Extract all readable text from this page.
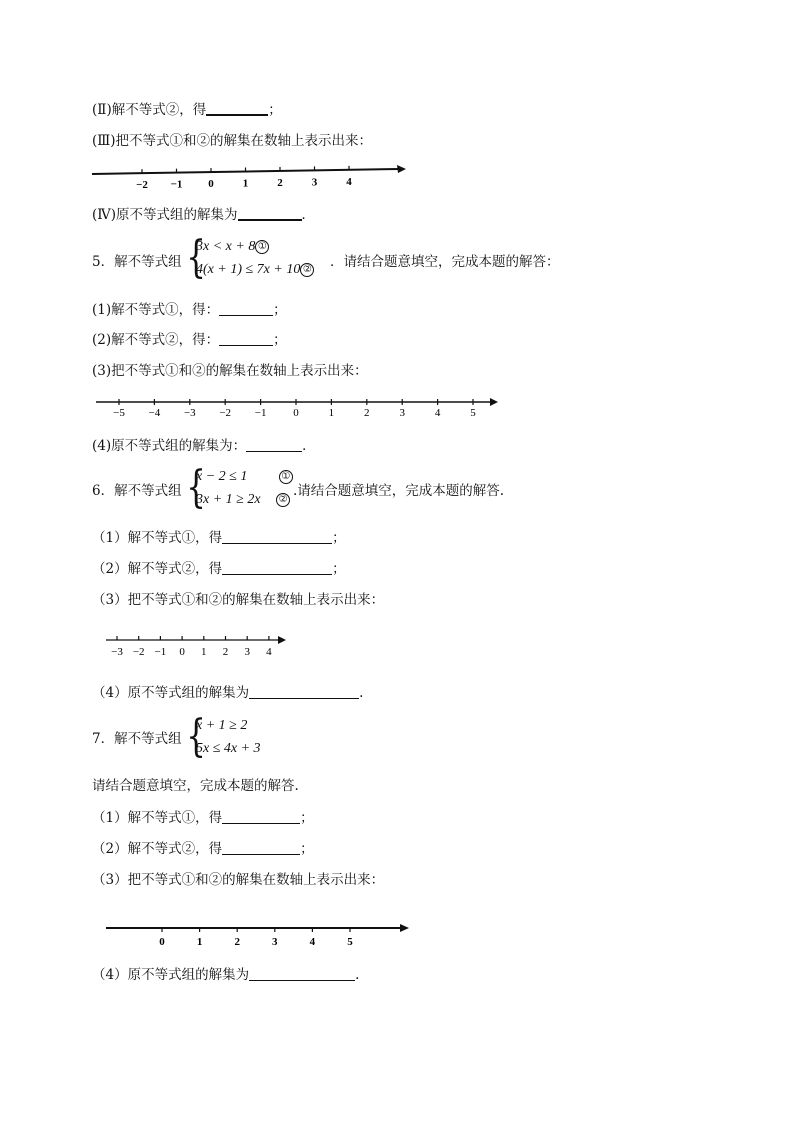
(Ⅱ)解不等式②，得	；
(Ⅲ)把不等式①和②的解集在数轴上表示出来：
−2 −1 0	1	2	3	4
−5 −4 −3 −2 −1 0	1	2	3	4	5
−3 −2 −1 0 1 2 3 4
0	1	2	3	4	5
(Ⅳ)原不等式组的解集为	．
5．解不等式组 {
3x < x + 8 ①
4(x + 1) ≤ 7x + 10 ② ．请结合题意填空，完成本题的解答：
(1)解不等式①，得：	；
(2)解不等式②，得：	；
(3)把不等式①和②的解集在数轴上表示出来：
(4)原不等式组的解集为：	．
6．解不等式组 {
x − 2 ≤ 1	①
3x + 1 ≥ 2x ②
.请结合题意填空，完成本题的解答.
（1）解不等式①，得	；
（2）解不等式②，得	；
（3）把不等式①和②的解集在数轴上表示出来：
（4）原不等式组的解集为	.
7．解不等式组 {
x + 1 ≥ 2
5x ≤ 4x + 3
请结合题意填空，完成本题的解答.
（1）解不等式①，得	；
（2）解不等式②，得	；
（3）把不等式①和②的解集在数轴上表示出来：
（4）原不等式组的解集为	.
